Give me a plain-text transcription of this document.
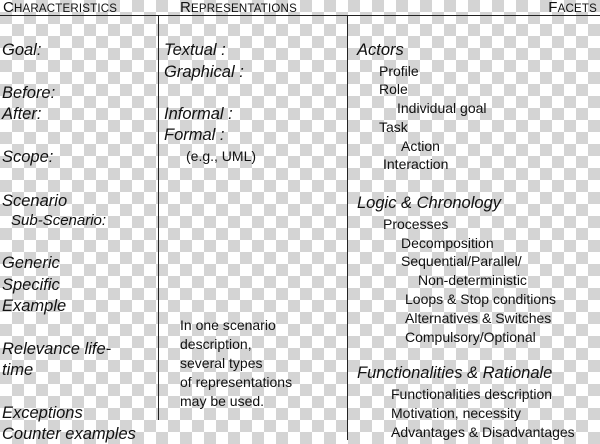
CHARACTERISTICS	REPRESENTATIONS	FACETS
Goal:
Before:
After:
Scope:
Scenario
Sub-Scenario:
Generic
Specific
Example
Relevance life-
time
Exceptions
Counter examples
Textual :
Graphical :
Informal :
Formal :
(e.g., UML)
In one scenario
description,
several types
of representations
may be used.
Actors
Profile
Role
Individual goal
Task
Action
Interaction
Logic & Chronology
Processes
Decomposition
Sequential/Parallel/
Non-deterministic
Loops & Stop conditions
Alternatives & Switches
Compulsory/Optional
Functionalities & Rationale
Functionalities description
Motivation, necessity
Advantages & Disadvantages
